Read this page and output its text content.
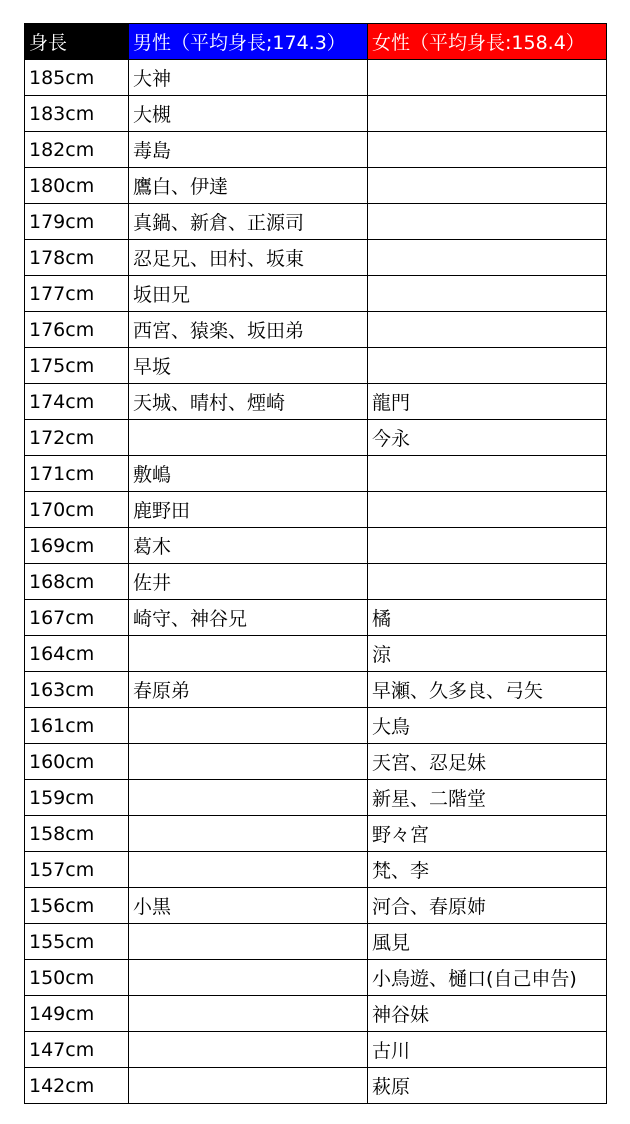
身長	男性（平均身長;174.3）	女性（平均身長:158.4）
185cm	大神	
183cm	大槻	
182cm	毒島	
180cm	鷹白、伊達	
179cm	真鍋、新倉、正源司	
178cm	忍足兄、田村、坂東	
177cm	坂田兄	
176cm	西宮、猿楽、坂田弟	
175cm	早坂	
174cm	天城、晴村、煙崎	龍門
172cm		今永
171cm	敷嶋	
170cm	鹿野田	
169cm	葛木	
168cm	佐井	
167cm	崎守、神谷兄	橘
164cm		涼
163cm	春原弟	早瀬、久多良、弓矢
161cm		大鳥
160cm		天宮、忍足妹
159cm		新星、二階堂
158cm		野々宮
157cm		梵、李
156cm	小黒	河合、春原姉
155cm		風見
150cm		小鳥遊、樋口(自己申告)
149cm		神谷妹
147cm		古川
142cm		萩原
